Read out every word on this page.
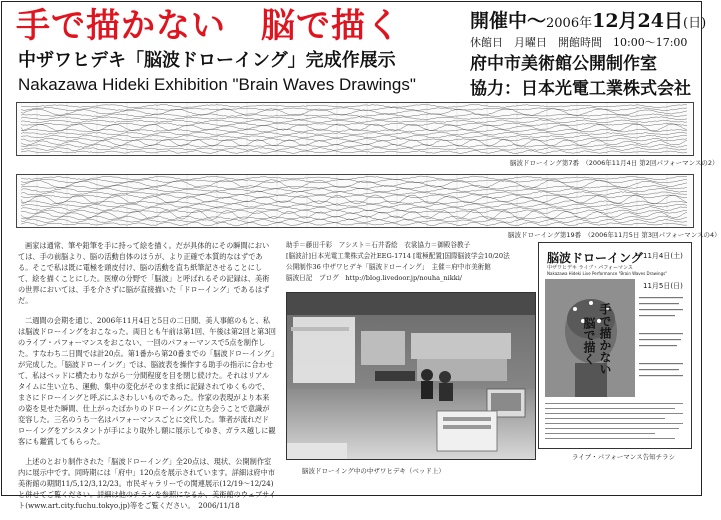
手で描かない　脳で描く
中ザワヒデキ「脳波ドローイング」完成作展示
Nakazawa Hideki Exhibition "Brain Waves Drawings"
開催中〜2006年12月24日(日)
休館日　月曜日　開館時間　10:00〜17:00
府中市美術館公開制作室
協力：日本光電工業株式会社
脳波ドローイング第7番　（2006年11月4日 第2回パフォーマンスの2）
脳波ドローイング第19番　（2006年11月5日 第3回パフォーマンスの4）

画家は通常、筆や鉛筆を手に持って絵を描く。だが具体的にその瞬間においては、手の前脳より、脳の活動自体のほうが、より正確で本質的なはずである。そこで私は既に電極を頭皮付け、脳の活動を直ち紙筆記させることにして、絵を描くことにした。医療の分野で「脳波」と呼ばれるその記録は、美術の世界においては、手を介さずに脳が直接描いた「ドローイング」であるはずだ。

二週間の会期を通じ、2006年11月4日と5日の二日間、美人事館のもと、私は脳波ドローイングをおこなった。両日とも午前は第1回、午後は第2回と第3回のライブ・パフォーマンスをおこない、一回のパフォーマンスで5点を制作した。すなわち二日間では計20点。第1番から第20番までの「脳波ドローイング」が完成した。「脳波ドローイング」では、脳波表を操作する助手の指示に合わせて、私はベッドに横たわりながら一分間程度を目を閉じ続けた。それはリアルタイムに生い立ち、運動、集中の変化がそのまま紙に記録されてゆくもので、まさにドローイングと呼ぶにふさわしいものであった。作家の表現がより本来の姿を見せた瞬間、仕上がったばかりのドローイングに立ち会うことで意識が変容した。三名のうち一名はパフォーマンスごとに交代した。筆者が流れだドローイングをアシスタントが手により取外し額に展示してゆき、ガラス越しに観客にも鑑賞してもらった。

上述のとおり制作された「脳波ドローイング」全20点は、現状、公開制作室内に展示中です。同時期には「府中」120点を展示されています。詳細は府中市美術館の期間11/5,12/3,12/23。市民ギャラリーでの関連展示(12/19〜12/24)と併せてご覧ください。詳細は他のチラシを参照になるか、美術館のウェブサイト(www.art.city.fuchu.tokyo.jp)等をご覧ください。　2006/11/18

助手＝藤田千彩　アシスト＝石井香絵　衣裳協力＝御殿谷教子
[脳波計]日本光電工業株式会社EEG-1714 [電極配置]国際脳波学会10/20法
公開制作36 中ザワヒデキ「脳波ドローイング」　主催＝府中市美術館
脳波日記　ブログ　http://blog.livedoor.jp/nouha_nikki/
脳波ドローイング中の中ザワヒデキ（ベッド上）
脳波ドローイング
中ザワヒデキ ライブ・パフォーマンス
Nakazawa Hideki Live Performance "Brain Waves Drawings"
11月4日(土)
11月5日(日)
手で描かない
脳で描く
ライブ・パフォーマンス告知チラシ
